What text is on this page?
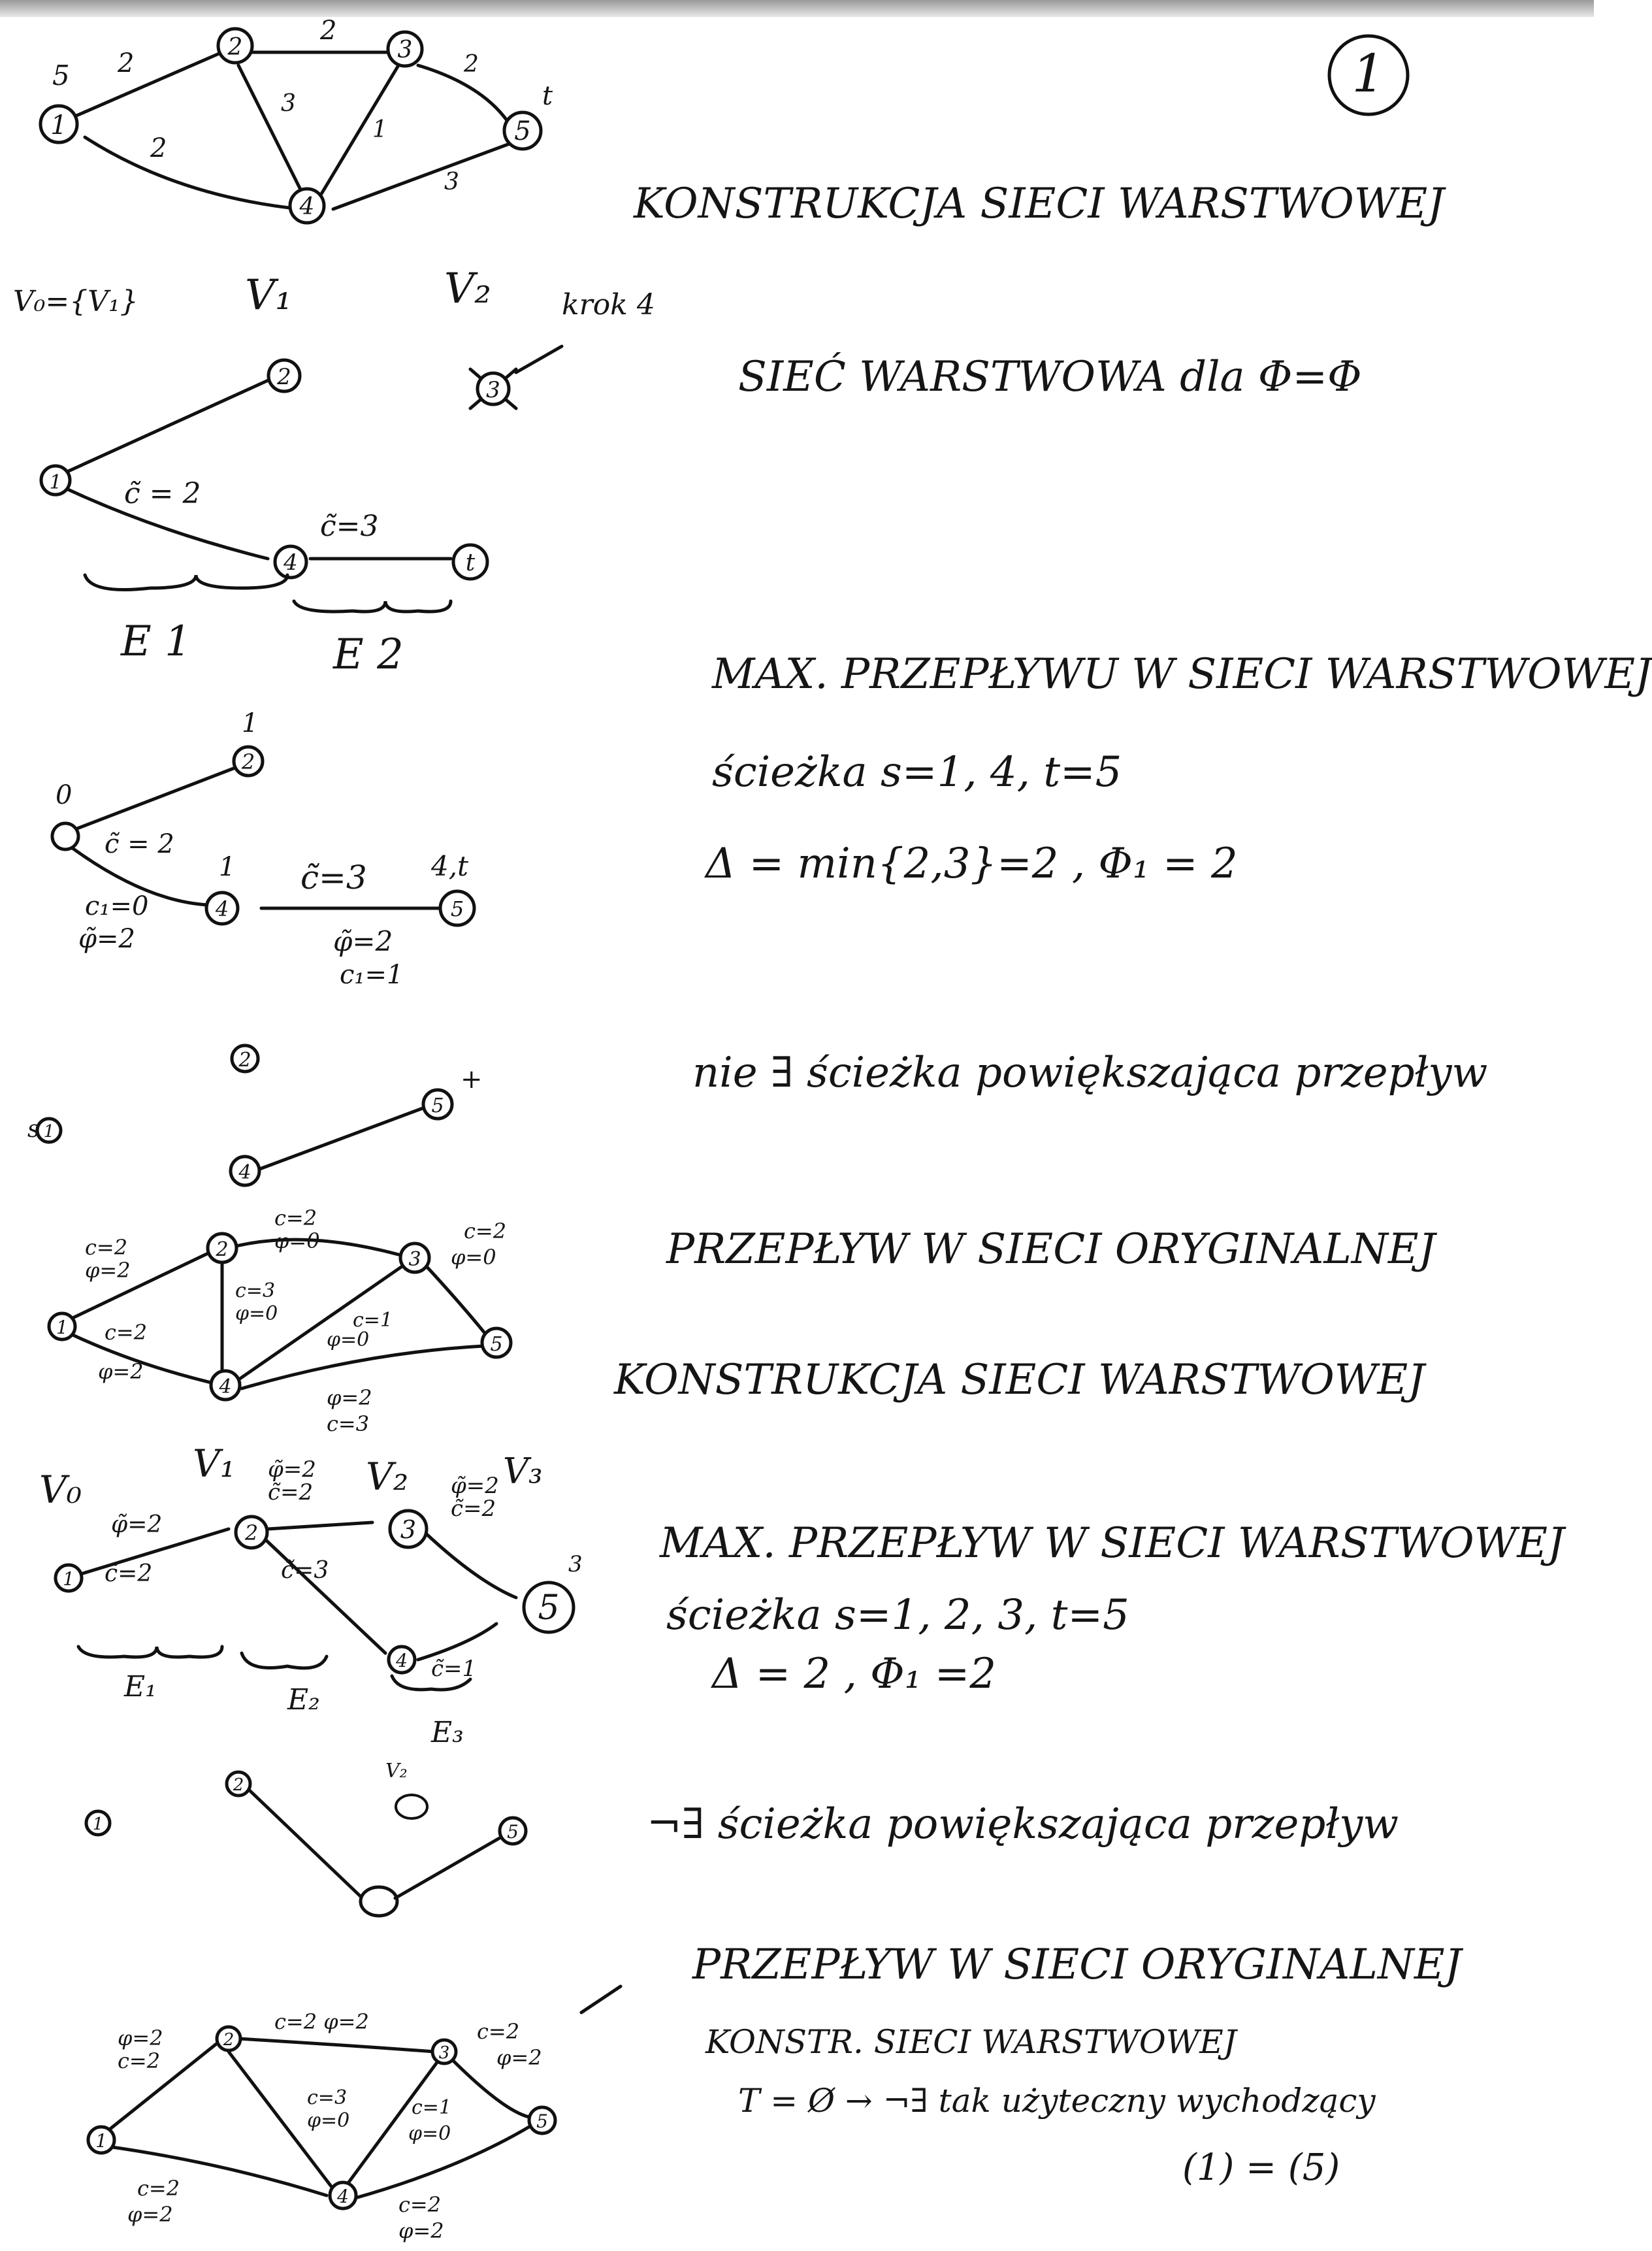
1
1
2	3
4
5
5 2
2
2
3
1
2
3
t
KONSTRUKCJA SIECI WARSTWOWEJ
V₀={V₁}	V₁	V₂ krok 4
1
2	3
4	t
c̃ = 2
c̃=3
E 1	E 2
SIEĆ WARSTWOWA dla Φ=Φ
2
4	5
1
0
1	4,t
c̃ = 2
c̃=3
φ̃=2
c₁=1
c₁=0
φ̃=2
MAX. PRZEPŁYWU W SIECI WARSTWOWEJ
ścieżka s=1, 4, t=5
Δ = min{2,3}=2 , Φ₁ = 2
2
1
4
5
s
+	nie ∃ ścieżka powiększająca przepływ
1
2	3
4
5
c=2
φ=2
c=2
φ=0
c=3
φ=0	c=1
φ=0
c=2
φ=0
c=2
φ=2
φ=2
c=3
PRZEPŁYW W SIECI ORYGINALNEJ
KONSTRUKCJA SIECI WARSTWOWEJ
1
2	3
5
4
V₀
V₁	V₂	V₃
3
φ̃=2
c̃=2
φ̃=2
c̃=2
c̃=3
φ̃=2
c̃=2
c̃=1
E₁	E₂
E₃
MAX. PRZEPŁYW W SIECI WARSTWOWEJ
ścieżka s=1, 2, 3, t=5
Δ = 2 , Φ₁ =2
1
2
5
V₂
¬∃ ścieżka powiększająca przepływ
PRZEPŁYW W SIECI ORYGINALNEJ
1
2
3
4
5
φ=2
c=2
c=2 φ=2
c=3
φ=0
c=1
φ=0
c=2
φ=2
c=2
φ=2	c=2
φ=2
KONSTR. SIECI WARSTWOWEJ
T = Ø → ¬∃ tak użyteczny wychodzący
(1) = (5)
